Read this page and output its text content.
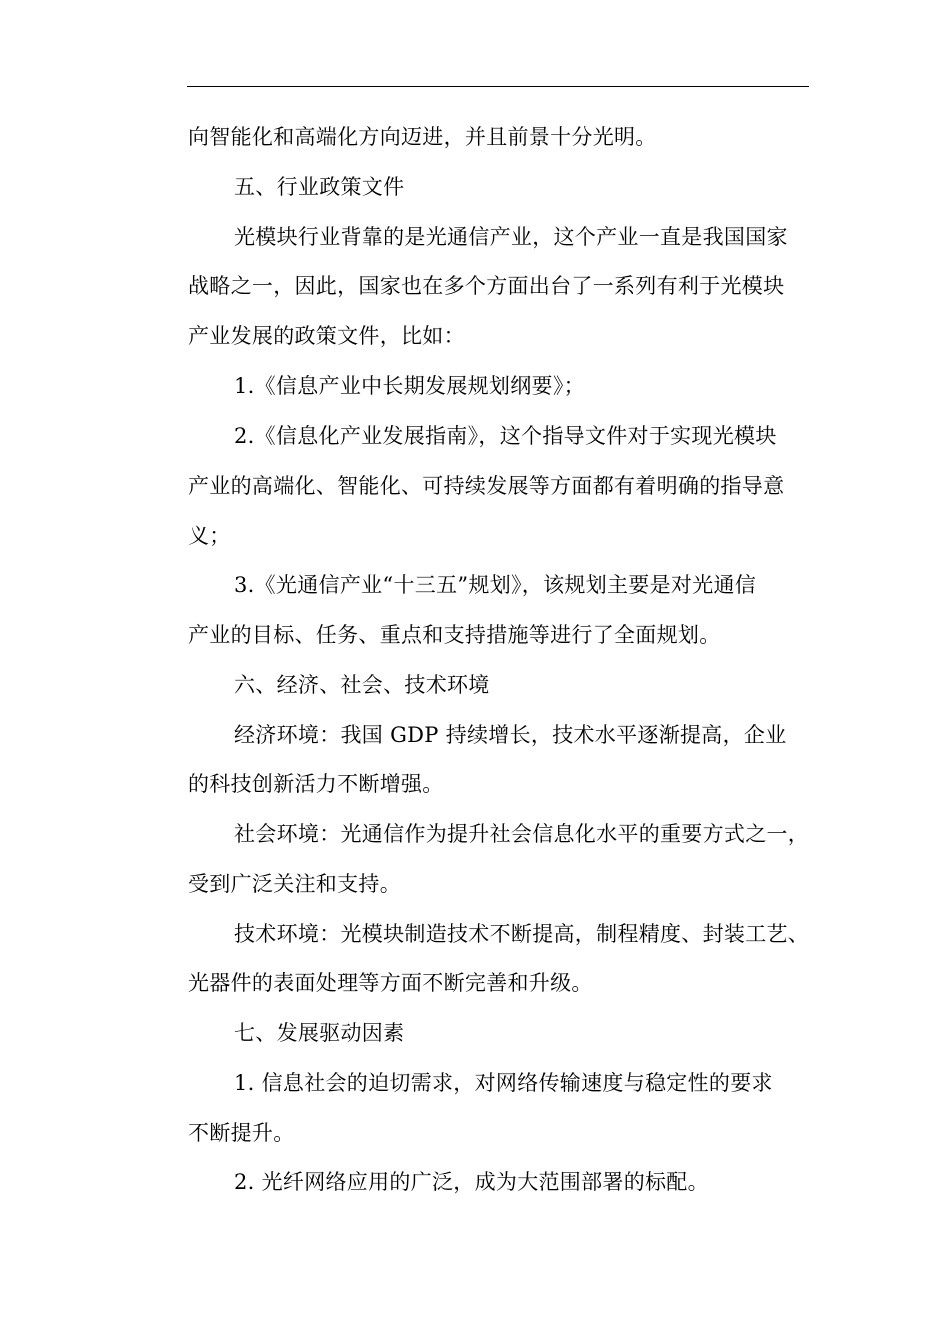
向智能化和高端化方向迈进，并且前景十分光明。
五、行业政策文件
光模块行业背靠的是光通信产业，这个产业一直是我国国家
战略之一，因此，国家也在多个方面出台了一系列有利于光模块
产业发展的政策文件，比如：
1.《信息产业中长期发展规划纲要》；
2.《信息化产业发展指南》，这个指导文件对于实现光模块
产业的高端化、智能化、可持续发展等方面都有着明确的指导意
义；
3.《光通信产业“十三五”规划》，该规划主要是对光通信
产业的目标、任务、重点和支持措施等进行了全面规划。
六、经济、社会、技术环境
经济环境：我国 GDP 持续增长，技术水平逐渐提高，企业
的科技创新活力不断增强。
社会环境：光通信作为提升社会信息化水平的重要方式之一，
受到广泛关注和支持。
技术环境：光模块制造技术不断提高，制程精度、封装工艺、
光器件的表面处理等方面不断完善和升级。
七、发展驱动因素
1. 信息社会的迫切需求，对网络传输速度与稳定性的要求
不断提升。
2. 光纤网络应用的广泛，成为大范围部署的标配。
